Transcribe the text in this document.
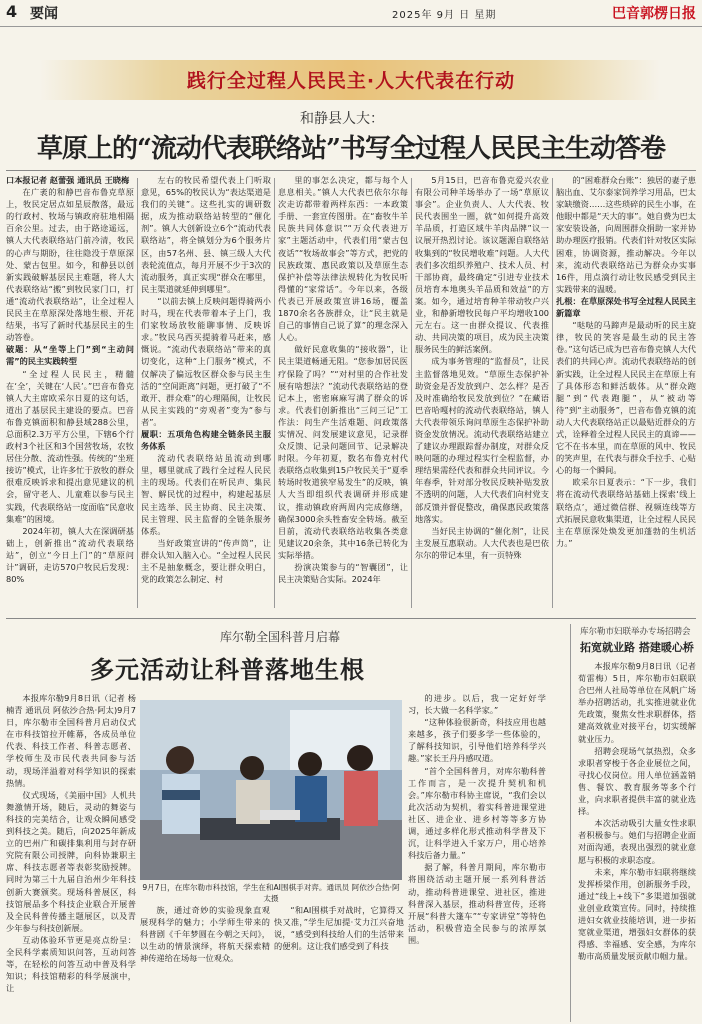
4 要闻	2025年 9月 日 星期	巴音郭楞日报
践行全过程人民民主·人大代表在行动
和静县人大：
草原上的“流动代表联络站”书写全过程人民民主生动答卷

口本报记者 赵蕾强 通讯员 王晓梅

在广袤的和静巴音布鲁克草原上，牧民定居点如星辰散落，最远的行政村、牧场与镇政府驻地相隔百余公里。过去，由于路途遥远，镇人大代表联络站门前冷清，牧民的心声与期盼，往往隐没于草原深处、蒙古包里。如今，和静县以创新实践破解基层民主难题，将人大代表联络站“搬”到牧民家门口，打通“流动代表联络站”，让全过程人民民主在草原深处落地生根、开花结果，书写了新时代基层民主的生动答卷。

破题：从“坐等上门”到“主动问需”的民主实践转型

“全过程人民民主，精髓在‘全’，关键在‘人民’。”巴音布鲁克镇人大主席欧采尔日夏的这句话，道出了基层民主建设的要点。巴音布鲁克镇面积和静县域288公里，总面积2.3万平方公里，下辖6个行政村3个社区和3个国营牧场，农牧居住分散、流动性强。传统的“坐班接访”模式，让许多忙于放牧的群众很难反映诉求和提出意见建议的机会，留守老人、儿童难以参与民主实践，代表联络站一度面临“民意收集难”的困境。

2024年初，镇人大在深调研基础上，创新推出“流动代表联络站”，创立“今日上门”的“草原问计”调研，走访570户牧民后发现：80%

左右的牧民希望代表上门听取意见，65%的牧民认为“表达渠道是我们的关键”。这些扎实的调研数据，成为推动联络站转型的“催化剂”。镇人大创新设立6个“流动代表联络站”，将全镇划分为6个服务片区，由57名州、县、镇三级人大代表轮流值点，每月开展不少于3次的流动服务，真正实现“群众在哪里，民主渠道就延伸到哪里”。

“以前去镇上反映问题得骑两小时马，现在代表带着本子上门，我们家牧场放牧能聊事情、反映诉求。”牧民乌西买提骑着马赶来，感慨说。“流动代表联络站”带来的真切变化，这种“上门服务”模式，不仅解决了偏远牧区群众参与民主生活的“空间距离”问题，更打破了“不敢开、群众难”的心理隔阂，让牧民从民主实践的“旁观者”变为“参与者”。

履职：五项角色构建全链条民主服务体系

流动代表联络站虽流动到哪里，哪里就成了践行全过程人民民主的现场。代表们在听民声、集民智、解民忧的过程中，构建起基层民主选举、民主协商、民主决策、民主管理、民主监督的全链条服务体系。

当好政策宣讲的“传声筒”，让群众认知入脑入心。“全过程人民民主不是抽象概念，要让群众明白，党的政策怎么制定、村

里的事怎么决定，都与每个人息息相关。”镇人大代表巴依尔尔每次走访都带着两样东西：一本政策手册、一套宣传图册。在“畜牧牛羊民族共同体意识”“万众代表进万家”主题活动中，代表们用“蒙古包夜话”“牧场故事会”等方式，把党的民族政策、惠民政策以及草原生态保护补偿等法律法规转化为牧民听得懂的“家常话”。今年以来，各级代表已开展政策宣讲16场，覆盖1870余名各族群众，让“民主就是自己的事情自己说了算”的理念深入人心。

做好民意收集的“接收器”，让民主渠道畅通无阻。“您参加居民医疗保险了吗？”“对村里的合作社发展有啥想法？”流动代表联络站的登记本上，密密麻麻写满了群众的诉求。代表们创新推出“三问三记”工作法：问生产生活难题、问政策落实情况、问发展建议意见，记录群众反馈、记录问题回节、记录解决时限。今年初夏，数名布鲁克村代表联络点收集到15户牧民关于“夏季转场时牧道狭窄易发生”的反映，镇人大当即组织代表调研并形成建议，推动镇政府两周内完成修缮，确保3000余头牲畜安全转场。截至目前，流动代表联络站收集各类意见建议20余条，其中16条已转化为实际举措。

扮演决策参与的“智囊团”，让民主决策贴合实际。2024年

5月15日，巴音布鲁克爱兴农业有限公司种羊场举办了一场“草原议事会”。企业负责人、人大代表、牧民代表围坐一圈，就“如何提升高效羊品质，打造区域牛羊肉品牌”议一议展开热烈讨论。该议题源自联络站收集到的“牧民增收难”问题。人大代表们多次组织养殖户、技术人员、村干部协商，最终确定“引进专业技术员培育本地奥头羊品质和效益”的方案。如今，通过培育种羊带动牧户兴业，和静新增牧民每户平均增收100元左右。这一由群众提议、代表推动、共同决策的项目，成为民主决策服务民生的鲜活案例。

成为事务管理的“监督员”，让民主监督落地见效。“草原生态保护补助资金是否发放到户、怎么样？是否及时准确给牧民发放到位？”在藏语巴音哈嘎村的流动代表联络站，镇人大代表带领乐询问草原生态保护补助资金发放情况。流动代表联络站建立了建议办理跟踪督办制度，对群众反映问题的办理过程实行全程监督，办理结果需经代表和群众共同评议。今年春季，针对部分牧民反映补贴发放不透明的问题，人大代表们向村党支部反馈并督促整改，确保惠民政策落地落实。

当好民主协调的“催化剂”，让民主发展互惠联动。人大代表也是巴依尔尔的带记本里，有一页特殊

的“困难群众台账”：独居的妻子患脑出血、艾尔泰家饲养学习用品，巴太家缺缴资……这些琐碎的民生小事，在他眼中都是“天大的事”。她自费为巴太家安装设备，向周围群众捐助一家并协助办理医疗报销。代表们针对牧区实际困难，协调资源，推动解决。今年以来，流动代表联络站已为群众办实事16件，用点滴行动让牧民感受到民主实践带来的温暖。

扎根：在草原深处书写全过程人民民主新篇章

“哒哒的马蹄声是最动听的民主旋律，牧民的笑容是最生动的民主答卷。”这句话已成为巴音布鲁克镇人大代表们的共同心声。流动代表联络站的创新实践，让全过程人民民主在草原上有了具体形态和鲜活载体。从“群众跑腿”到“代表跑腿”，从“被动等待”到“主动服务”，巴音布鲁克镇的流动人大代表联络站正以最贴近群众的方式，诠释着全过程人民民主的真谛——它不在书本里，而在草原的风中、牧民的笑声里，在代表与群众手拉手、心贴心的每一个瞬间。

欧采尔日夏表示：“下一步，我们将在流动代表联络站基础上探索‘线上联络点’，通过微信群、视频连线等方式拓展民意收集渠道，让全过程人民民主在草原深处焕发更加蓬勃的生机活力。”

库尔勒全国科普月启幕
多元活动让科普落地生根

本报库尔勒9月8日讯（记者 杨楠青 通讯员 阿依沙合热·阿太)9月7日，库尔勒市全国科普月启动仪式在市科技馆拉开帷幕，各成员单位代表、科技工作者、科普志愿者、学校师生及市民代表共同参与活动，现场洋溢着对科学知识的探索热情。

仪式现场，《美丽中国》人机共舞激情开场，随后，灵动的舞姿与科技的完美结合，让观众瞬间感受到科技之美。随后，向2025年新成立的巴州广和碳排集利用与封存研究院有限公司授牌，向科协兼职主席、科技志愿者等表彰奖励授牌。同时为第三十九届自治州少年科技创新大赛颁奖。现场科普展区，科技馆展品多个科技企业联合开展普及全民科普传播主题展区，以及青少年参与科技创新展。

互动体验环节更是亮点纷呈：全民科学素质知识问答，互动问答等，在轻松的问答互动中普及科学知识；科技馆精彩的科学展演中，让

9月7日，在库尔勒市科技馆，学生在和AI围棋手对弈。通讯员 阿依沙合热·阿太摄

族，通过奇妙的实验现象直观展现科学的魅力；小学师生带来的科普剧《千年梦圆在今朝之天问》，以生动的情景演绎，将航天探索精神传递给在场每一位观众。

“和AI围棋手对战时，它算得又快又准，”学生尼加提·艾力江兴奋地说，“感受到科技给人们的生活带来的便利。这让我们感受到了科技

的进步。以后，我一定好好学习，长大做一名科学家。”

“这种体验很新奇，科技应用也越来越多，孩子们要多学一些体验的，了解科技知识，引导他们培养科学兴趣。”家长王丹丹感叹道。

“首个全国科普月，对库尔勒科普工作而言，是一次提升契机和机会。”库尔勒市科协主席说，“我们会以此次活动为契机，着实科普进课堂进社区、进企业、进乡村等等多方协调，通过多样化形式推动科学普及下沉，让科学进入千家万户，用心培养科技后备力量。”

据了解，科普月期间，库尔勒市将围绕活动主题开展一系列科普活动，推动科普进课堂、进社区，推进科普深入基层，推动科普宣传，还将开展“科普大篷车”“专家讲堂”等特色活动，积极营造全民参与的浓厚氛围。

库尔勒市妇联举办专场招聘会
拓宽就业路 搭建暖心桥

本报库尔勒9月8日讯（记者 荀雷梅）5日，库尔勒市妇联联合巴州人社局等单位在风帆广场举办招聘活动，扎实推进就业优先政策，聚焦女性求职群体，搭建高效就业对接平台，切实缓解就业压力。

招聘会现场气氛热烈，众多求职者穿梭于各企业展位之间，寻找心仪岗位。用人单位涵盖销售、餐饮、教育服务等多个行业，向求职者提供丰富的就业选择。

本次活动吸引大量女性求职者积极参与。她们与招聘企业面对面沟通，表现出强烈的就业意愿与积极的求职态度。

未来，库尔勒市妇联将继续发挥桥梁作用，创新服务手段，通过“线上+线下”多渠道加强就业创业政策宣传。同时，持续推进妇女就业技能培训，进一步拓宽就业渠道，增强妇女群体的获得感、幸福感、安全感，为库尔勒市高质量发展贡献巾帼力量。
